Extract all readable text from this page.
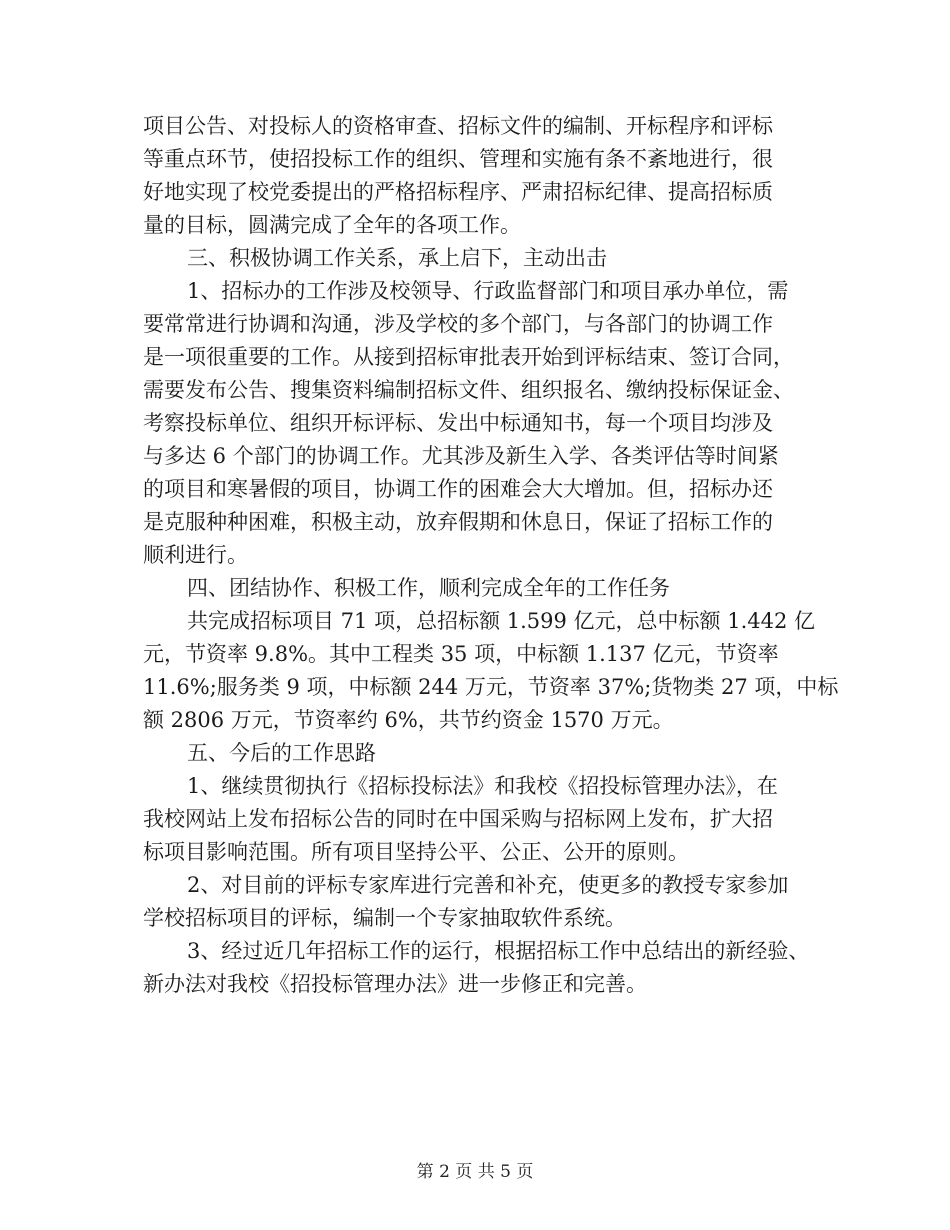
项目公告、对投标人的资格审查、招标文件的编制、开标程序和评标

等重点环节，使招投标工作的组织、管理和实施有条不紊地进行，很

好地实现了校党委提出的严格招标程序、严肃招标纪律、提高招标质

量的目标，圆满完成了全年的各项工作。

三、积极协调工作关系，承上启下，主动出击

1、招标办的工作涉及校领导、行政监督部门和项目承办单位，需

要常常进行协调和沟通，涉及学校的多个部门，与各部门的协调工作

是一项很重要的工作。从接到招标审批表开始到评标结束、签订合同，

需要发布公告、搜集资料编制招标文件、组织报名、缴纳投标保证金、

考察投标单位、组织开标评标、发出中标通知书，每一个项目均涉及

与多达 6 个部门的协调工作。尤其涉及新生入学、各类评估等时间紧

的项目和寒暑假的项目，协调工作的困难会大大增加。但，招标办还

是克服种种困难，积极主动，放弃假期和休息日，保证了招标工作的

顺利进行。

四、团结协作、积极工作，顺利完成全年的工作任务

共完成招标项目 71 项，总招标额 1.599 亿元，总中标额 1.442 亿

元，节资率 9.8%。其中工程类 35 项，中标额 1.137 亿元，节资率

11.6%;服务类 9 项，中标额 244 万元，节资率 37%;货物类 27 项，中标

额 2806 万元，节资率约 6%，共节约资金 1570 万元。

五、今后的工作思路

1、继续贯彻执行《招标投标法》和我校《招投标管理办法》，在

我校网站上发布招标公告的同时在中国采购与招标网上发布，扩大招

标项目影响范围。所有项目坚持公平、公正、公开的原则。

2、对目前的评标专家库进行完善和补充，使更多的教授专家参加

学校招标项目的评标，编制一个专家抽取软件系统。

3、经过近几年招标工作的运行，根据招标工作中总结出的新经验、

新办法对我校《招投标管理办法》进一步修正和完善。

第 2 页 共 5 页
